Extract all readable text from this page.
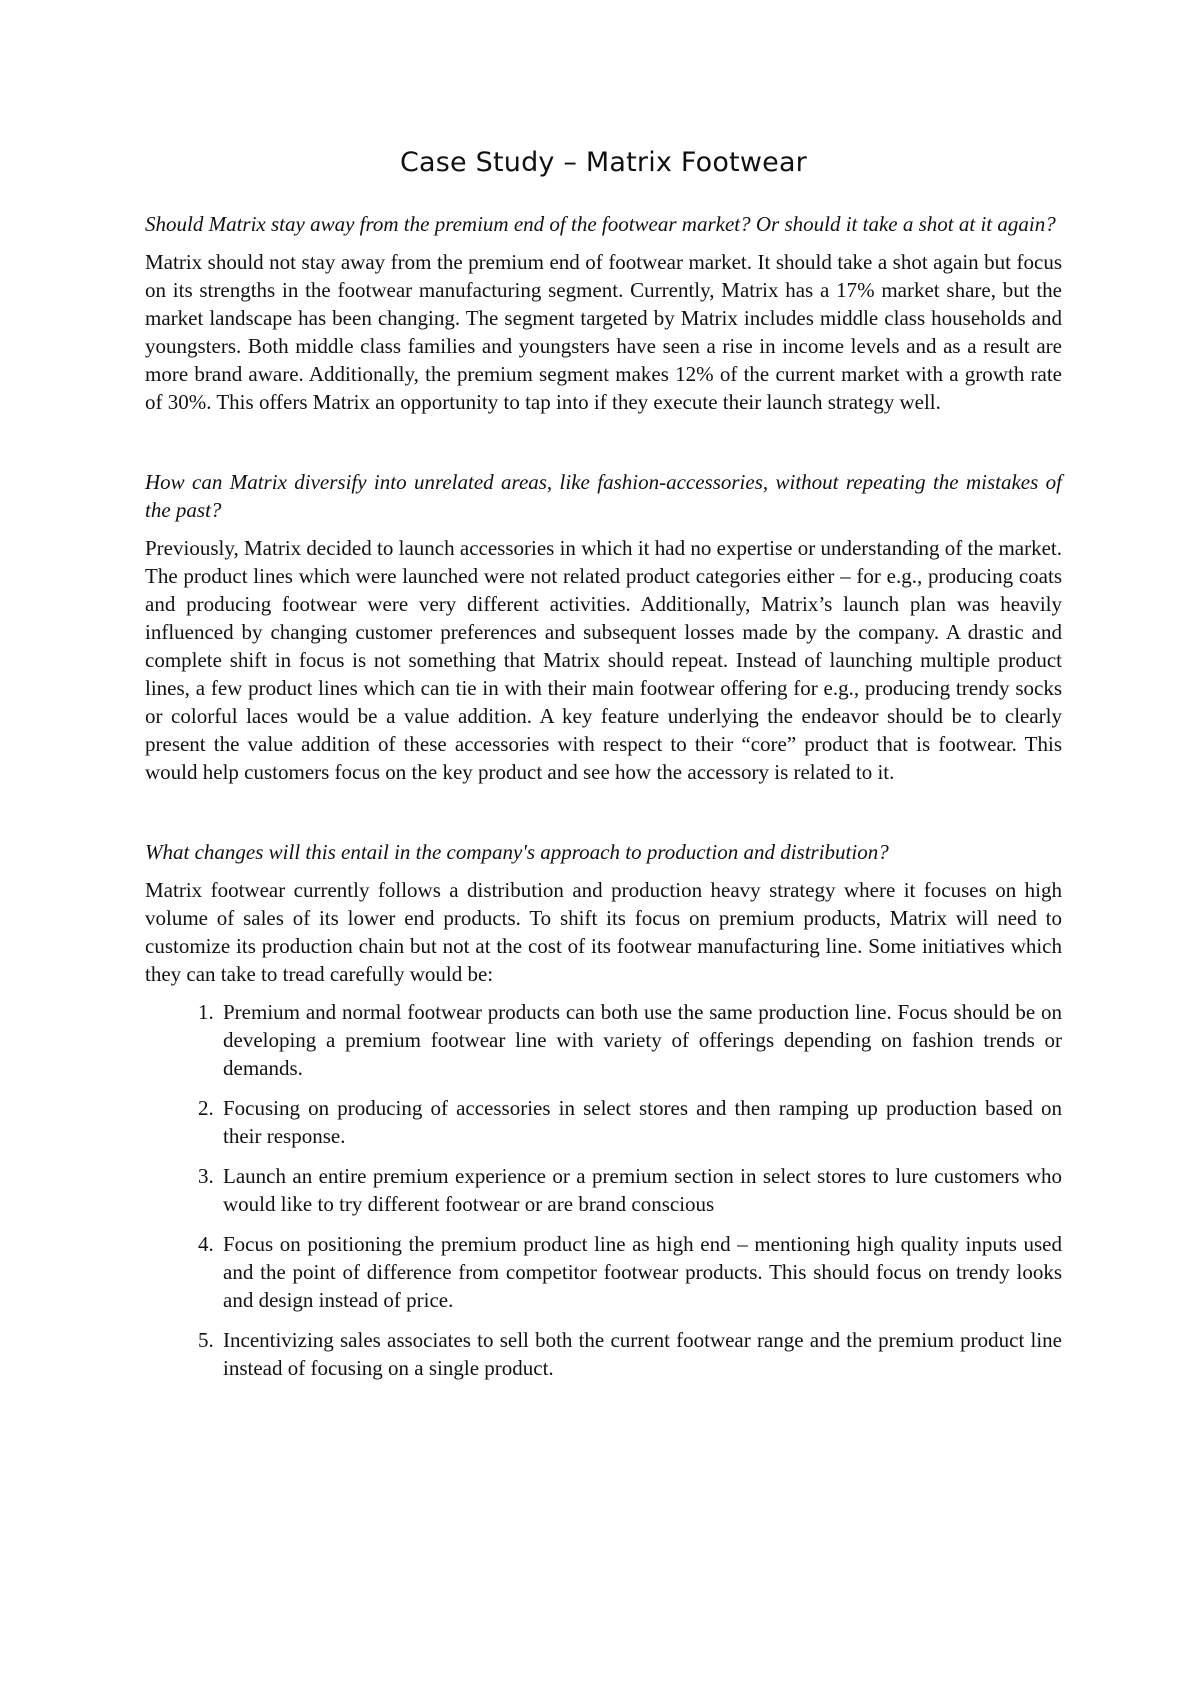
Case Study – Matrix Footwear

Should Matrix stay away from the premium end of the footwear market? Or should it take a shot at it again?

Matrix should not stay away from the premium end of footwear market. It should take a shot again but focus on its strengths in the footwear manufacturing segment. Currently, Matrix has a 17% market share, but the market landscape has been changing. The segment targeted by Matrix includes middle class households and youngsters. Both middle class families and youngsters have seen a rise in income levels and as a result are more brand aware. Additionally, the premium segment makes 12% of the current market with a growth rate of 30%. This offers Matrix an opportunity to tap into if they execute their launch strategy well.

How can Matrix diversify into unrelated areas, like fashion-accessories, without repeating the mistakes of the past?

Previously, Matrix decided to launch accessories in which it had no expertise or understanding of the market. The product lines which were launched were not related product categories either – for e.g., producing coats and producing footwear were very different activities. Additionally, Matrix’s launch plan was heavily influenced by changing customer preferences and subsequent losses made by the company. A drastic and complete shift in focus is not something that Matrix should repeat. Instead of launching multiple product lines, a few product lines which can tie in with their main footwear offering for e.g., producing trendy socks or colorful laces would be a value addition. A key feature underlying the endeavor should be to clearly present the value addition of these accessories with respect to their “core” product that is footwear. This would help customers focus on the key product and see how the accessory is related to it.

What changes will this entail in the company's approach to production and distribution?

Matrix footwear currently follows a distribution and production heavy strategy where it focuses on high volume of sales of its lower end products. To shift its focus on premium products, Matrix will need to customize its production chain but not at the cost of its footwear manufacturing line. Some initiatives which they can take to tread carefully would be:

1. Premium and normal footwear products can both use the same production line. Focus should be on developing a premium footwear line with variety of offerings depending on fashion trends or demands.
2. Focusing on producing of accessories in select stores and then ramping up production based on their response.
3. Launch an entire premium experience or a premium section in select stores to lure customers who would like to try different footwear or are brand conscious
4. Focus on positioning the premium product line as high end – mentioning high quality inputs used and the point of difference from competitor footwear products. This should focus on trendy looks and design instead of price.
5. Incentivizing sales associates to sell both the current footwear range and the premium product line instead of focusing on a single product.
